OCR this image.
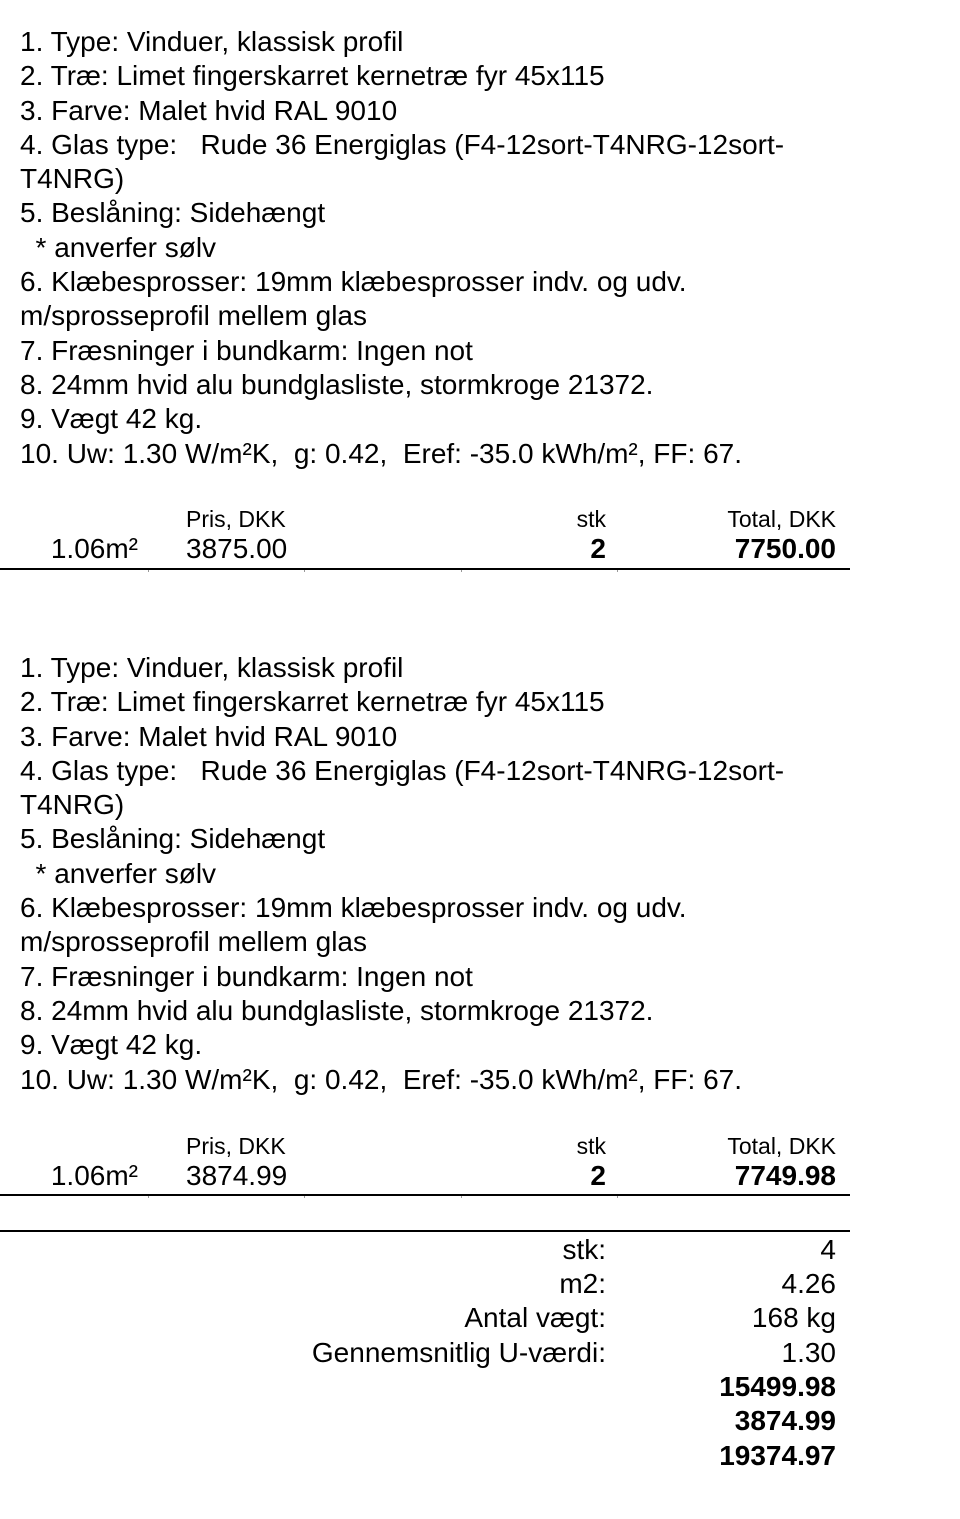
1. Type: Vinduer, klassisk profil
2. Træ: Limet fingerskarret kernetræ fyr 45x115
3. Farve: Malet hvid RAL 9010
4. Glas type:   Rude 36 Energiglas (F4-12sort-T4NRG-12sort-
T4NRG)
5. Beslåning: Sidehængt
* anverfer sølv
6. Klæbesprosser: 19mm klæbesprosser indv. og udv.
m/sprosseprofil mellem glas
7. Fræsninger i bundkarm: Ingen not
8. 24mm hvid alu bundglasliste, stormkroge 21372.
9. Vægt 42 kg.
10. Uw: 1.30 W/m²K,  g: 0.42,  Eref: -35.0 kWh/m², FF: 67.
Pris, DKK	stk	Total, DKK
1.06m² 3875.00	2	7750.00
1. Type: Vinduer, klassisk profil
2. Træ: Limet fingerskarret kernetræ fyr 45x115
3. Farve: Malet hvid RAL 9010
4. Glas type:   Rude 36 Energiglas (F4-12sort-T4NRG-12sort-
T4NRG)
5. Beslåning: Sidehængt
* anverfer sølv
6. Klæbesprosser: 19mm klæbesprosser indv. og udv.
m/sprosseprofil mellem glas
7. Fræsninger i bundkarm: Ingen not
8. 24mm hvid alu bundglasliste, stormkroge 21372.
9. Vægt 42 kg.
10. Uw: 1.30 W/m²K,  g: 0.42,  Eref: -35.0 kWh/m², FF: 67.
Pris, DKK	stk	Total, DKK
1.06m² 3874.99	2	7749.98
stk:	4
m2:	4.26
Antal vægt:	168 kg
Gennemsnitlig U-værdi:	1.30
15499.98
3874.99
19374.97
